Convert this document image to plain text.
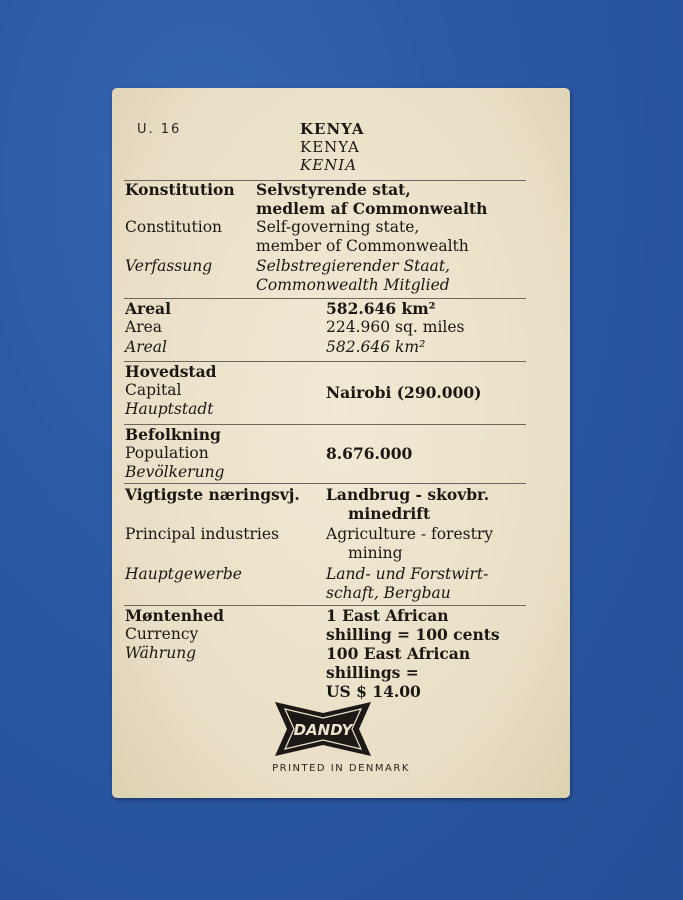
U. 16	KENYA
KENYA
KENIA
Konstitution
Constitution
Verfassung
Selvstyrende stat,
medlem af Commonwealth
Self-governing state,
member of Commonwealth
Selbstregierender Staat,
Commonwealth Mitglied
Areal
Area
Areal
582.646 km²
224.960 sq. miles
582.646 km²
Hovedstad
Capital
Hauptstadt
Nairobi (290.000)
Befolkning
Population
Bevölkerung
8.676.000
Vigtigste næringsvj.
Principal industries
Hauptgewerbe
Landbrug - skovbr.
minedrift
Agriculture - forestry
mining
Land- und Forstwirt-
schaft, Bergbau
Møntenhed
Currency
Währung
1 East African
shilling = 100 cents
100 East African
shillings =
US $ 14.00
DANDY
PRINTED IN DENMARK
